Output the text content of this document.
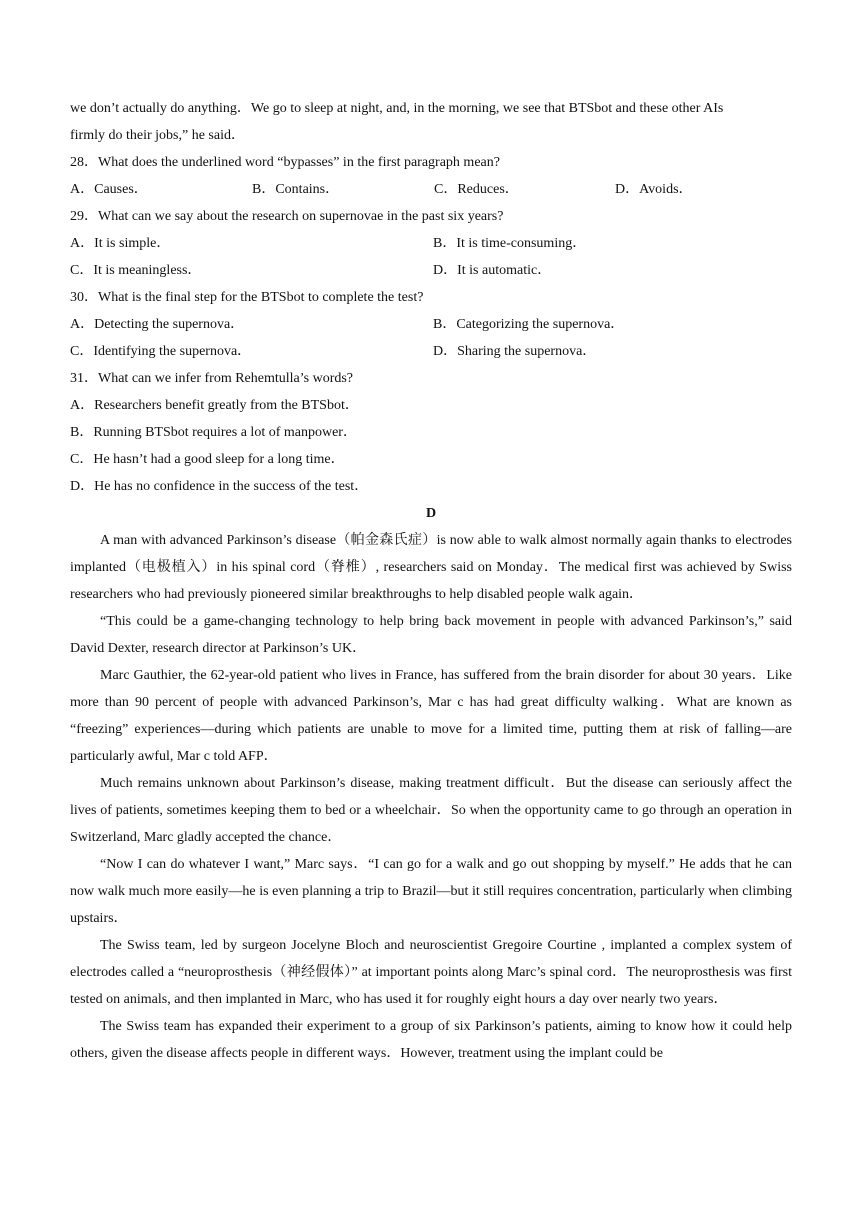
we don’t actually do anything．We go to sleep at night, and, in the morning, we see that BTSbot and these other AIs
firmly do their jobs,” he said．
28．What does the underlined word “bypasses” in the first paragraph mean?
A．Causes．	B．Contains．	C．Reduces．	D．Avoids．
29．What can we say about the research on supernovae in the past six years?
A．It is simple．	B．It is time-consuming．
C．It is meaningless．	D．It is automatic．
30．What is the final step for the BTSbot to complete the test?
A．Detecting the supernova．	B．Categorizing the supernova．
C．Identifying the supernova．	D．Sharing the supernova．
31．What can we infer from Rehemtulla’s words?
A．Researchers benefit greatly from the BTSbot．
B．Running BTSbot requires a lot of manpower．
C．He hasn’t had a good sleep for a long time．
D．He has no confidence in the success of the test．
D

A man with advanced Parkinson’s disease（帕金森氏症）is now able to walk almost normally again thanks to electrodes implanted（电极植入）in his spinal cord（脊椎）, researchers said on Monday．The medical first was achieved by Swiss researchers who had previously pioneered similar breakthroughs to help disabled people walk again．

“This could be a game-changing technology to help bring back movement in people with advanced Parkinson’s,” said David Dexter, research director at Parkinson’s UK．

Marc Gauthier, the 62-year-old patient who lives in France, has suffered from the brain disorder for about 30 years．Like more than 90 percent of people with advanced Parkinson’s, Mar c has had great difficulty walking．What are known as “freezing” experiences—during which patients are unable to move for a limited time, putting them at risk of falling—are particularly awful, Mar c told AFP．

Much remains unknown about Parkinson’s disease, making treatment difficult．But the disease can seriously affect the lives of patients, sometimes keeping them to bed or a wheelchair．So when the opportunity came to go through an operation in Switzerland, Marc gladly accepted the chance．

“Now I can do whatever I want,” Marc says．“I can go for a walk and go out shopping by myself.” He adds that he can now walk much more easily—he is even planning a trip to Brazil—but it still requires concentration, particularly when climbing upstairs．

The Swiss team, led by surgeon Jocelyne Bloch and neuroscientist Gregoire Courtine , implanted a complex system of electrodes called a “neuroprosthesis（神经假体）” at important points along Marc’s spinal cord．The neuroprosthesis was first tested on animals, and then implanted in Marc, who has used it for roughly eight hours a day over nearly two years．

The Swiss team has expanded their experiment to a group of six Parkinson’s patients, aiming to know how it could help others, given the disease affects people in different ways．However, treatment using the implant could be
